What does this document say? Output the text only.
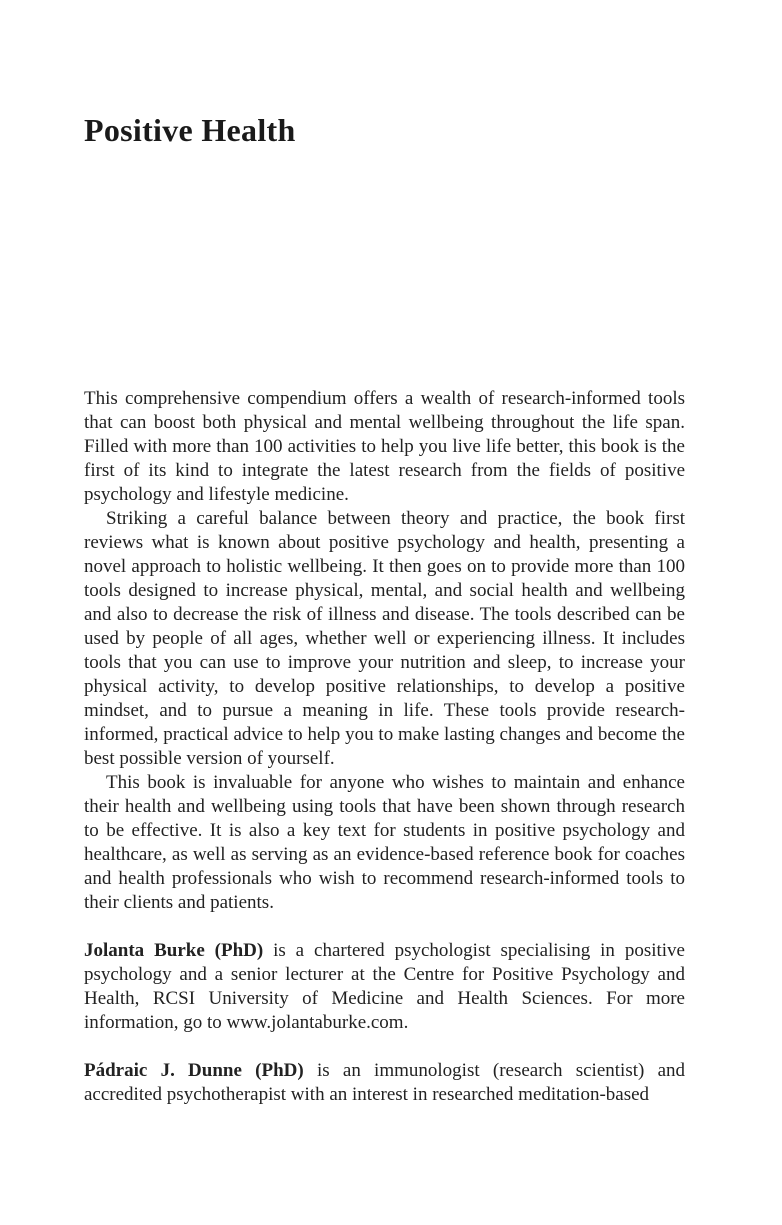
Positive Health

This comprehensive compendium offers a wealth of research-informed tools that can boost both physical and mental wellbeing throughout the life span. Filled with more than 100 activities to help you live life better, this book is the first of its kind to integrate the latest research from the fields of positive psychology and lifestyle medicine.

Striking a careful balance between theory and practice, the book first reviews what is known about positive psychology and health, presenting a novel approach to holistic wellbeing. It then goes on to provide more than 100 tools designed to increase physical, mental, and social health and wellbeing and also to decrease the risk of illness and disease. The tools described can be used by people of all ages, whether well or experiencing illness. It includes tools that you can use to improve your nutrition and sleep, to increase your physical activity, to develop positive relationships, to develop a positive mindset, and to pursue a meaning in life. These tools provide research-informed, practical advice to help you to make lasting changes and become the best possible version of yourself.

This book is invaluable for anyone who wishes to maintain and enhance their health and wellbeing using tools that have been shown through research to be effective. It is also a key text for students in positive psychology and healthcare, as well as serving as an evidence-based reference book for coaches and health professionals who wish to recommend research-informed tools to their clients and patients.

Jolanta Burke (PhD) is a chartered psychologist specialising in positive psychology and a senior lecturer at the Centre for Positive Psychology and Health, RCSI University of Medicine and Health Sciences. For more information, go to www.jolantaburke.com.

Pádraic J. Dunne (PhD) is an immunologist (research scientist) and accredited psychotherapist with an interest in researched meditation-based
